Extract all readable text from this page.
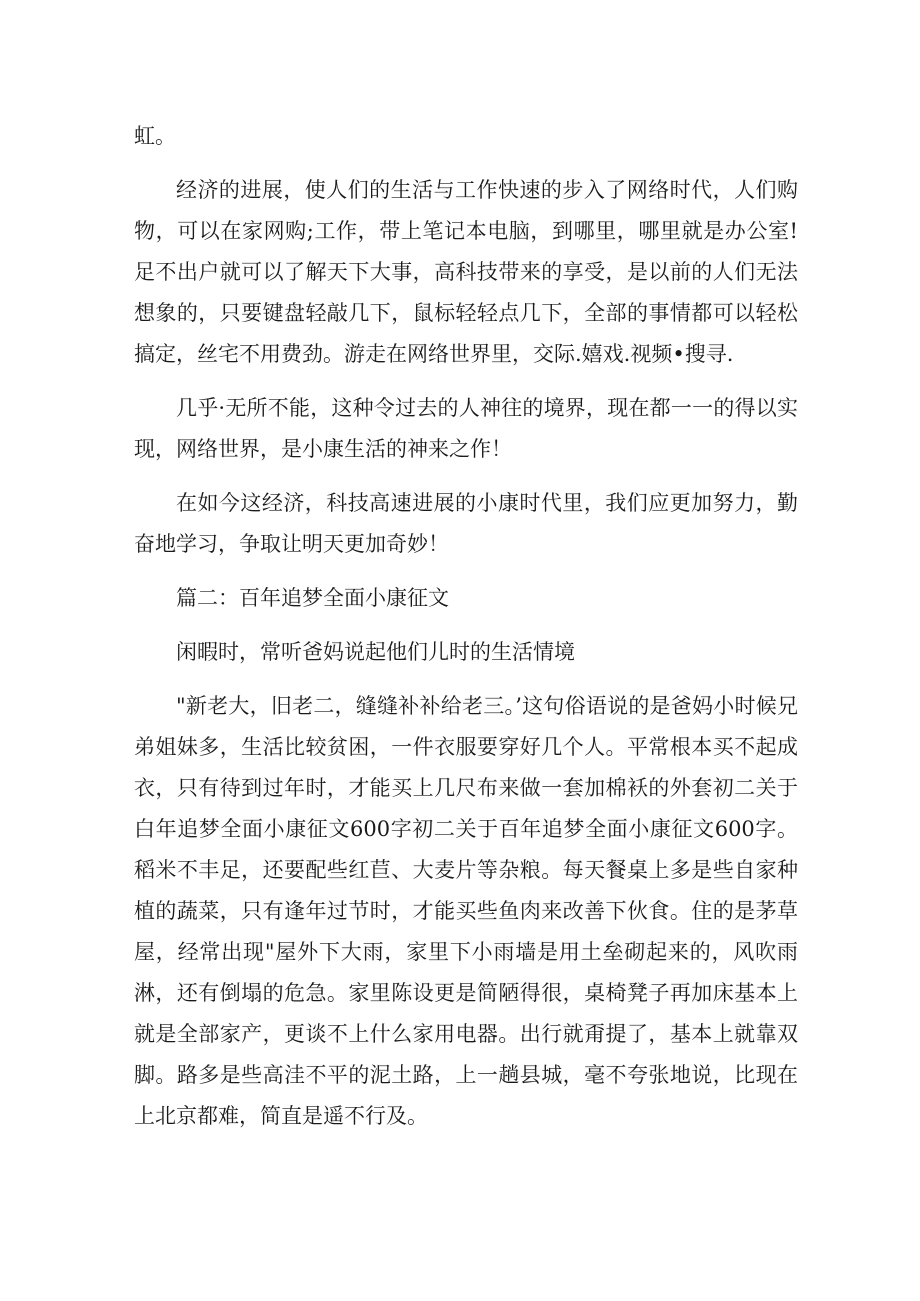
虹。

经济的进展，使人们的生活与工作快速的步入了网络时代，人们购物，可以在家网购;工作，带上笔记本电脑，到哪里，哪里就是办公室!足不出户就可以了解天下大事，高科技带来的享受，是以前的人们无法想象的，只要键盘轻敲几下，鼠标轻轻点几下，全部的事情都可以轻松搞定，丝宅不用费劲。游走在网络世界里，交际.嬉戏.视频•搜寻.

几乎·无所不能，这种令过去的人神往的境界，现在都一一的得以实现，网络世界，是小康生活的神来之作！

在如今这经济，科技高速进展的小康时代里，我们应更加努力，勤奋地学习，争取让明天更加奇妙！

篇二：百年追梦全面小康征文

闲暇时，常听爸妈说起他们儿时的生活情境

"新老大，旧老二，缝缝补补给老三。’这句俗语说的是爸妈小时候兄弟姐妹多，生活比较贫困，一件衣服要穿好几个人。平常根本买不起成衣，只有待到过年时，才能买上几尺布来做一套加棉袄的外套初二关于白年追梦全面小康征文600字初二关于百年追梦全面小康征文600字。稻米不丰足，还要配些红苣、大麦片等杂粮。每天餐桌上多是些自家种植的蔬菜，只有逢年过节时，才能买些鱼肉来改善下伙食。住的是茅草屋，经常出现"屋外下大雨，家里下小雨墙是用土垒砌起来的，风吹雨淋，还有倒塌的危急。家里陈设更是简陋得很，桌椅凳子再加床基本上就是全部家产，更谈不上什么家用电器。出行就甭提了，基本上就靠双脚。路多是些高洼不平的泥土路，上一趟县城，毫不夸张地说，比现在上北京都难，简直是遥不行及。
